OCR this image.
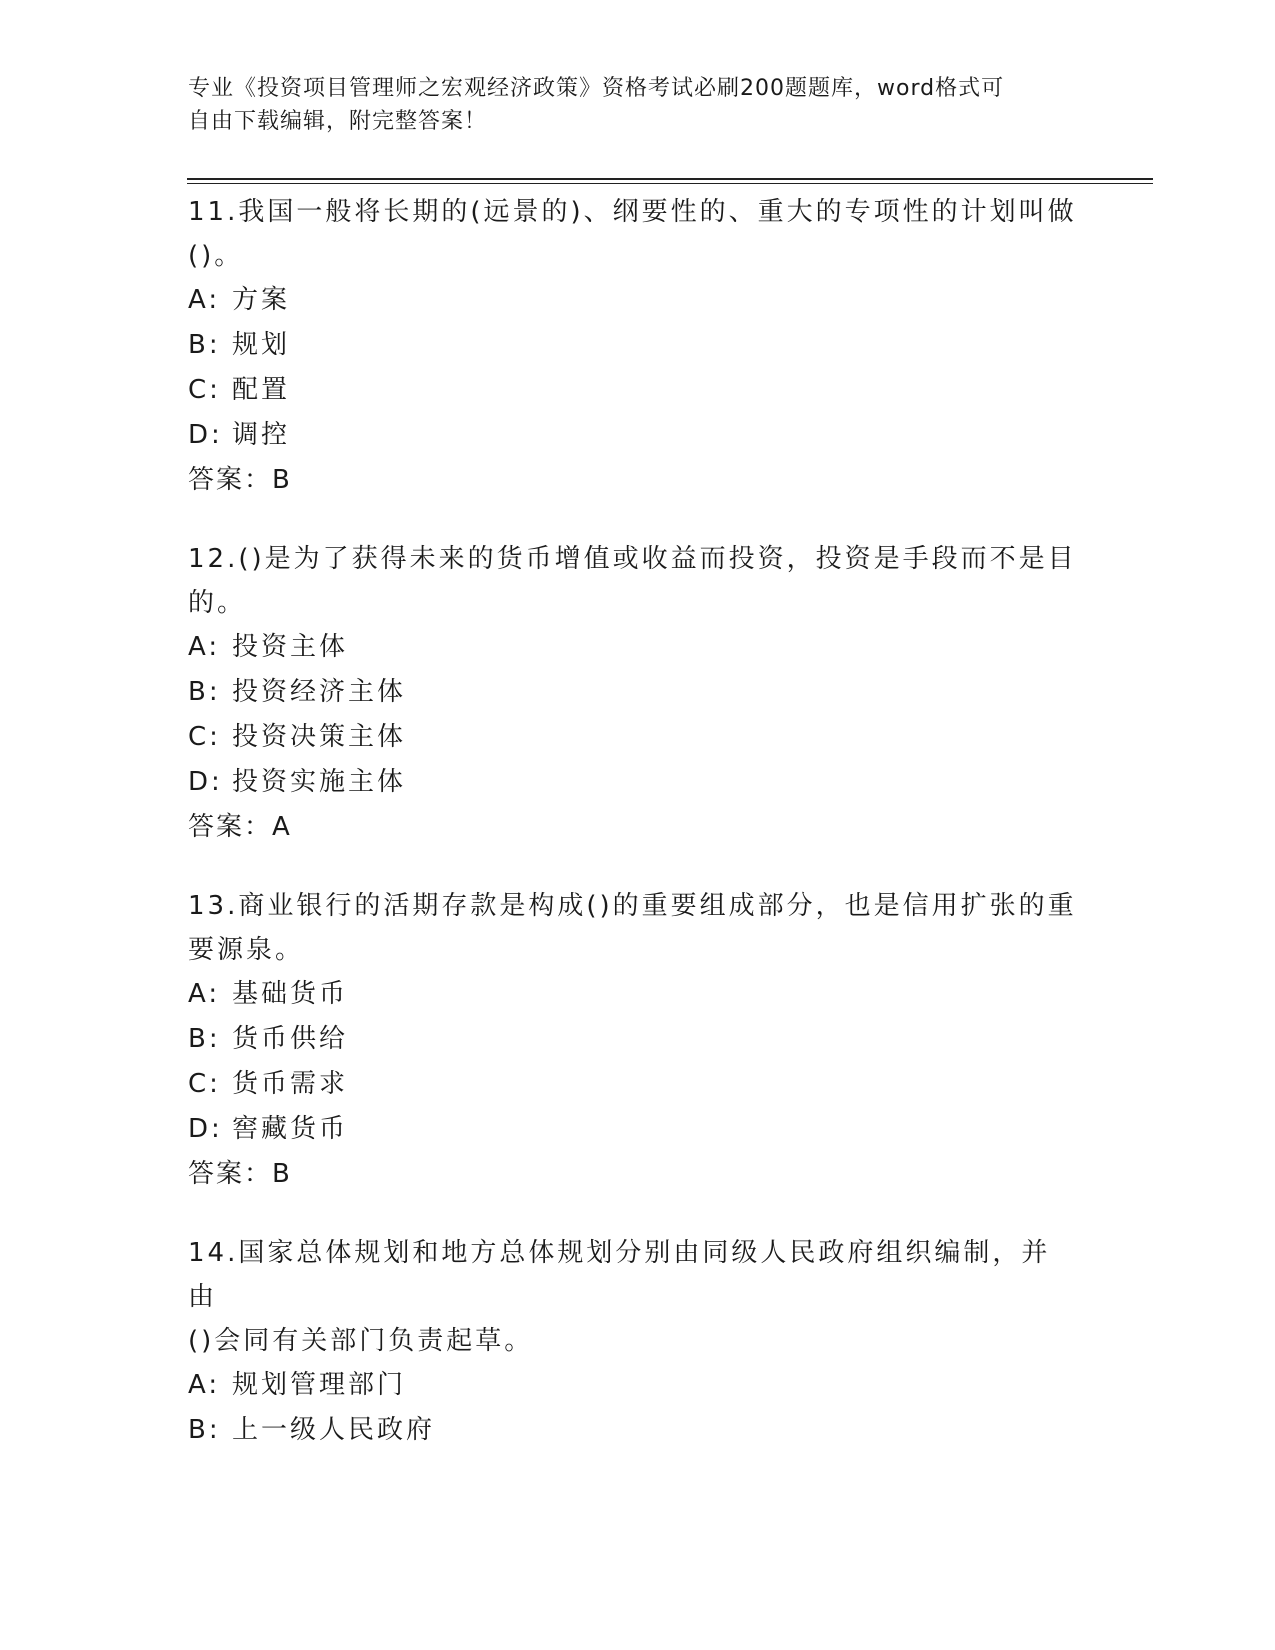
专业《投资项目管理师之宏观经济政策》资格考试必刷200题题库，word格式可
自由下载编辑，附完整答案！

11.我国一般将长期的(远景的)、纲要性的、重大的专项性的计划叫做

()。

A: 方案

B: 规划

C: 配置

D: 调控

答案：B

12.()是为了获得未来的货币增值或收益而投资，投资是手段而不是目

的。

A: 投资主体

B: 投资经济主体

C: 投资决策主体

D: 投资实施主体

答案：A

13.商业银行的活期存款是构成()的重要组成部分，也是信用扩张的重

要源泉。

A: 基础货币

B: 货币供给

C: 货币需求

D: 窖藏货币

答案：B

14.国家总体规划和地方总体规划分别由同级人民政府组织编制，并由

()会同有关部门负责起草。

A: 规划管理部门

B: 上一级人民政府
